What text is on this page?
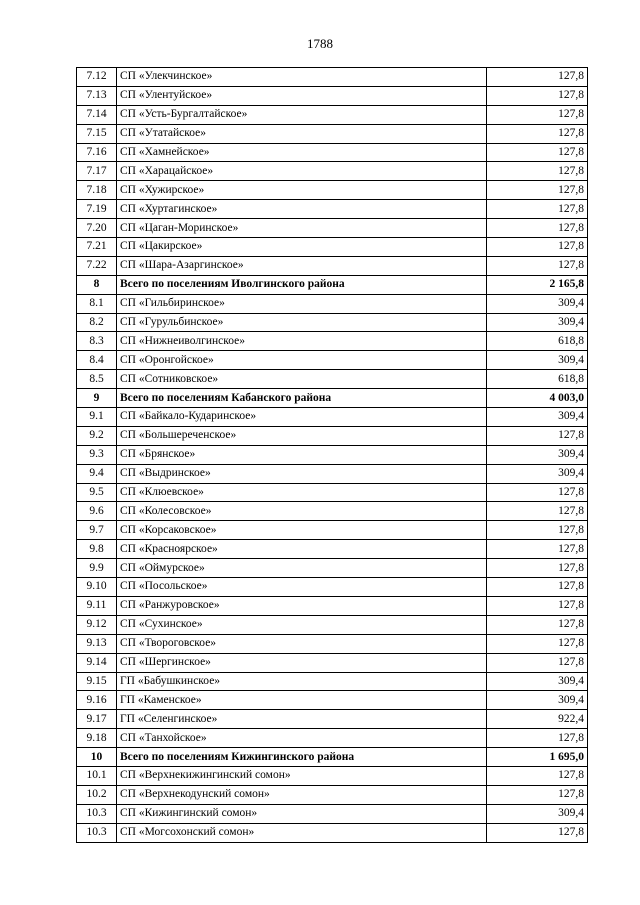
1788
7.12	СП «Улекчинское»	127,8
7.13	СП «Улентуйское»	127,8
7.14	СП «Усть-Бургалтайское»	127,8
7.15	СП «Утатайское»	127,8
7.16	СП «Хамнейское»	127,8
7.17	СП «Харацайское»	127,8
7.18	СП «Хужирское»	127,8
7.19	СП «Хуртагинское»	127,8
7.20	СП «Цаган-Моринское»	127,8
7.21	СП «Цакирское»	127,8
7.22	СП «Шара-Азаргинское»	127,8
8	Всего по поселениям Иволгинского района	2 165,8
8.1	СП «Гильбиринское»	309,4
8.2	СП «Гурульбинское»	309,4
8.3	СП «Нижнеиволгинское»	618,8
8.4	СП «Оронгойское»	309,4
8.5	СП «Сотниковское»	618,8
9	Всего по поселениям Кабанского района	4 003,0
9.1	СП «Байкало-Кударинское»	309,4
9.2	СП «Большереченское»	127,8
9.3	СП «Брянское»	309,4
9.4	СП «Выдринское»	309,4
9.5	СП «Клюевское»	127,8
9.6	СП «Колесовское»	127,8
9.7	СП «Корсаковское»	127,8
9.8	СП «Красноярское»	127,8
9.9	СП «Оймурское»	127,8
9.10	СП «Посольское»	127,8
9.11	СП «Ранжуровское»	127,8
9.12	СП «Сухинское»	127,8
9.13	СП «Твороговское»	127,8
9.14	СП «Шергинское»	127,8
9.15	ГП «Бабушкинское»	309,4
9.16	ГП «Каменское»	309,4
9.17	ГП «Селенгинское»	922,4
9.18	СП «Танхойское»	127,8
10	Всего по поселениям Кижингинского района	1 695,0
10.1	СП «Верхнекижингинский сомон»	127,8
10.2	СП «Верхнекодунский сомон»	127,8
10.3	СП «Кижингинский сомон»	309,4
10.3	СП «Могсохонский сомон»	127,8
